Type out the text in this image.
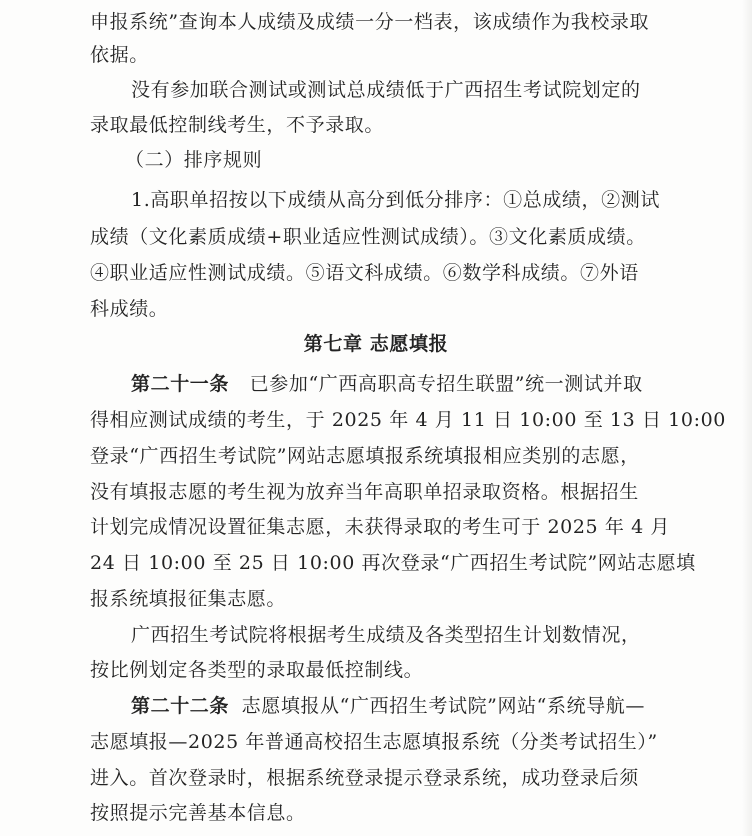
申报系统”查询本人成绩及成绩一分一档表，该成绩作为我校录取
依据。
没有参加联合测试或测试总成绩低于广西招生考试院划定的
录取最低控制线考生，不予录取。
（二）排序规则
1.高职单招按以下成绩从高分到低分排序：①总成绩，②测试
成绩（文化素质成绩+职业适应性测试成绩）。③文化素质成绩。
④职业适应性测试成绩。⑤语文科成绩。⑥数学科成绩。⑦外语
科成绩。
第七章 志愿填报
第二十一条 已参加“广西高职高专招生联盟”统一测试并取
得相应测试成绩的考生，于 2025 年 4 月 11 日 10:00 至 13 日 10:00
登录“广西招生考试院”网站志愿填报系统填报相应类别的志愿，
没有填报志愿的考生视为放弃当年高职单招录取资格。根据招生
计划完成情况设置征集志愿，未获得录取的考生可于 2025 年 4 月
24 日 10:00 至 25 日 10:00 再次登录“广西招生考试院”网站志愿填
报系统填报征集志愿。
广西招生考试院将根据考生成绩及各类型招生计划数情况，
按比例划定各类型的录取最低控制线。
第二十二条 志愿填报从“广西招生考试院”网站“系统导航—
志愿填报—2025 年普通高校招生志愿填报系统（分类考试招生）”
进入。首次登录时，根据系统登录提示登录系统，成功登录后须
按照提示完善基本信息。
